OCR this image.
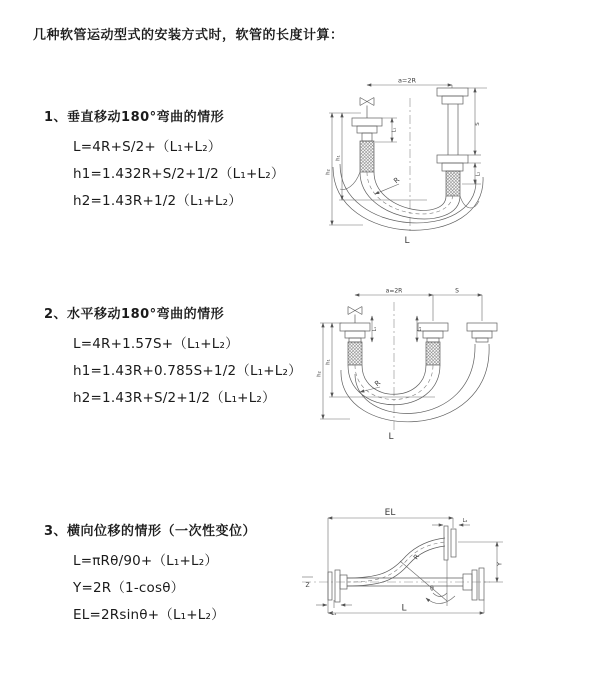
几种软管运动型式的安装方式时，软管的长度计算：
1、垂直移动180°弯曲的情形
L=4R+S/2+（L₁+L₂）
h1=1.432R+S/2+1/2（L₁+L₂）
h2=1.43R+1/2（L₁+L₂）
2、水平移动180°弯曲的情形
L=4R+1.57S+（L₁+L₂）
h1=1.43R+0.785S+1/2（L₁+L₂）
h2=1.43R+S/2+1/2（L₁+L₂）
3、横向位移的情形（一次性变位）
L=πRθ/90+（L₁+L₂）
Y=2R（1-cosθ）
EL=2Rsinθ+（L₁+L₂）
a=2R
R
L
h₁
h₂
S
L₂
L₁
a=2R	S
R
L
h₁
h₂
L₁	L₂
Z
EL
L₂
Y
R
θ
L
L₁
